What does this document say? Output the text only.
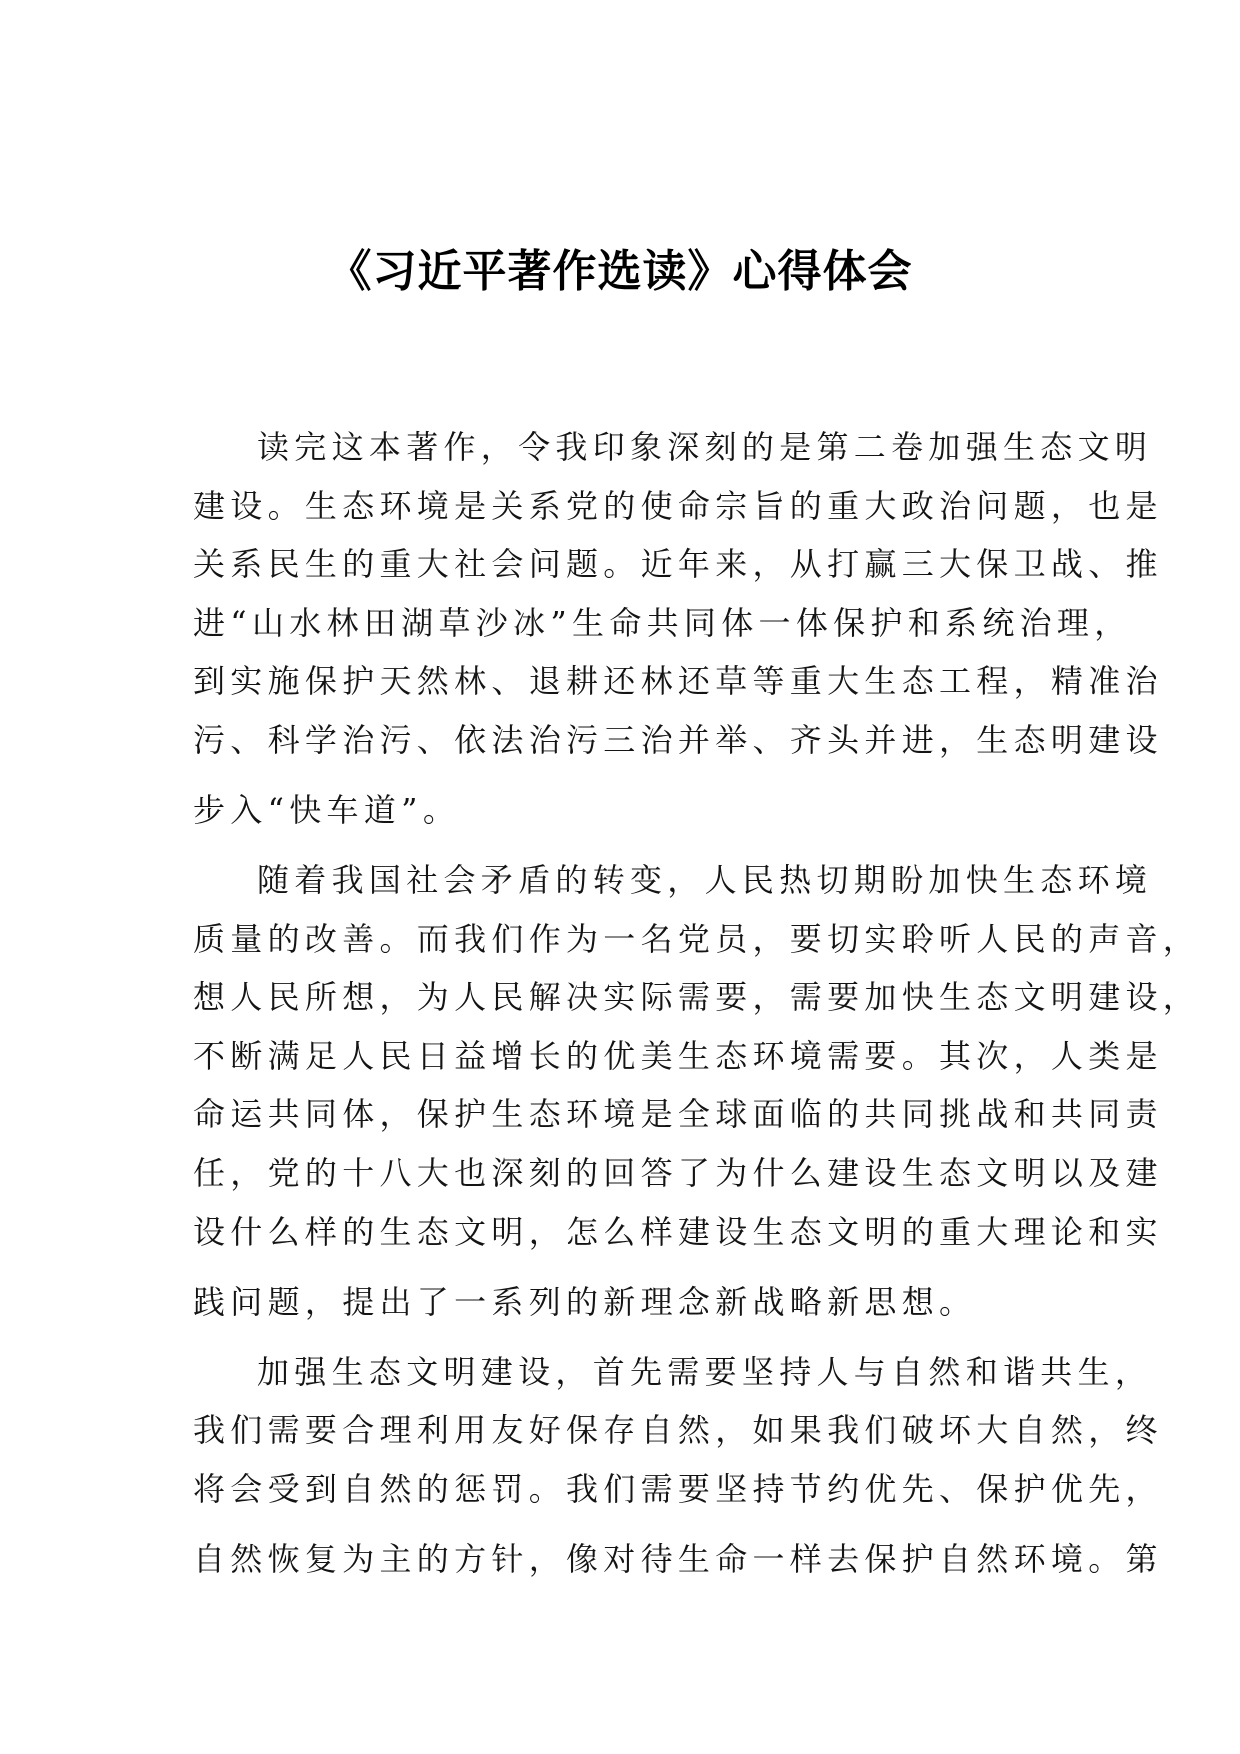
《习近平著作选读》心得体会

读完这本著作，令我印象深刻的是第二卷加强生态文明

建设。生态环境是关系党的使命宗旨的重大政治问题，也是

关系民生的重大社会问题。近年来，从打赢三大保卫战、推

进“山水林田湖草沙冰”生命共同体一体保护和系统治理，

到实施保护天然林、退耕还林还草等重大生态工程，精准治

污、科学治污、依法治污三治并举、齐头并进，生态明建设

步入“快车道”。

随着我国社会矛盾的转变，人民热切期盼加快生态环境

质量的改善。而我们作为一名党员，要切实聆听人民的声音，

想人民所想，为人民解决实际需要，需要加快生态文明建设，

不断满足人民日益增长的优美生态环境需要。其次，人类是

命运共同体，保护生态环境是全球面临的共同挑战和共同责

任，党的十八大也深刻的回答了为什么建设生态文明以及建

设什么样的生态文明，怎么样建设生态文明的重大理论和实

践问题，提出了一系列的新理念新战略新思想。

加强生态文明建设，首先需要坚持人与自然和谐共生，

我们需要合理利用友好保存自然，如果我们破坏大自然，终

将会受到自然的惩罚。我们需要坚持节约优先、保护优先，

自然恢复为主的方针，像对待生命一样去保护自然环境。第
